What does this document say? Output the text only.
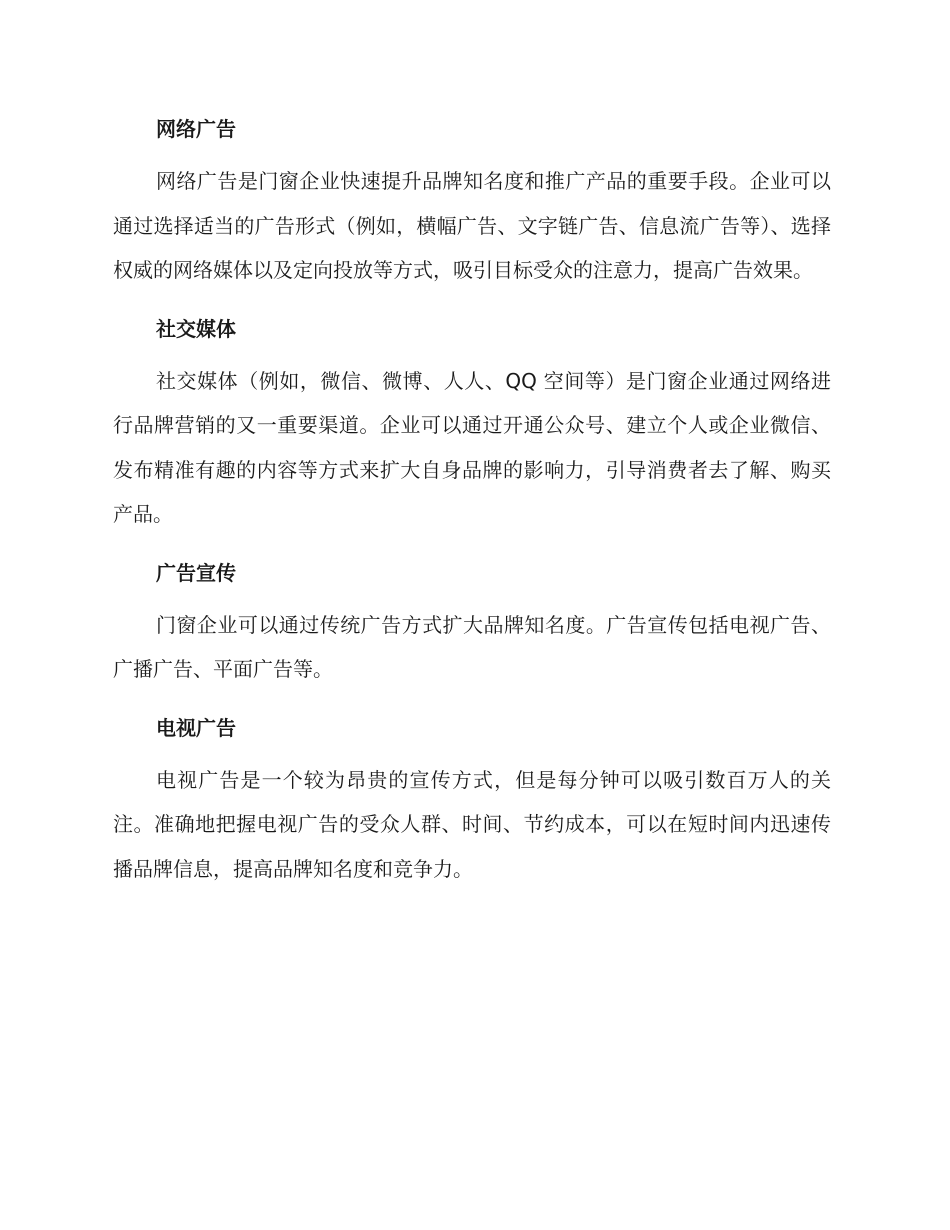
网络广告

网络广告是门窗企业快速提升品牌知名度和推广产品的重要手段。企业可以通过选择适当的广告形式（例如，横幅广告、文字链广告、信息流广告等）、选择权威的网络媒体以及定向投放等方式，吸引目标受众的注意力，提高广告效果。

社交媒体

社交媒体（例如，微信、微博、人人、QQ 空间等）是门窗企业通过网络进行品牌营销的又一重要渠道。企业可以通过开通公众号、建立个人或企业微信、发布精准有趣的内容等方式来扩大自身品牌的影响力，引导消费者去了解、购买产品。

广告宣传

门窗企业可以通过传统广告方式扩大品牌知名度。广告宣传包括电视广告、广播广告、平面广告等。

电视广告

电视广告是一个较为昂贵的宣传方式，但是每分钟可以吸引数百万人的关注。准确地把握电视广告的受众人群、时间、节约成本，可以在短时间内迅速传播品牌信息，提高品牌知名度和竞争力。
